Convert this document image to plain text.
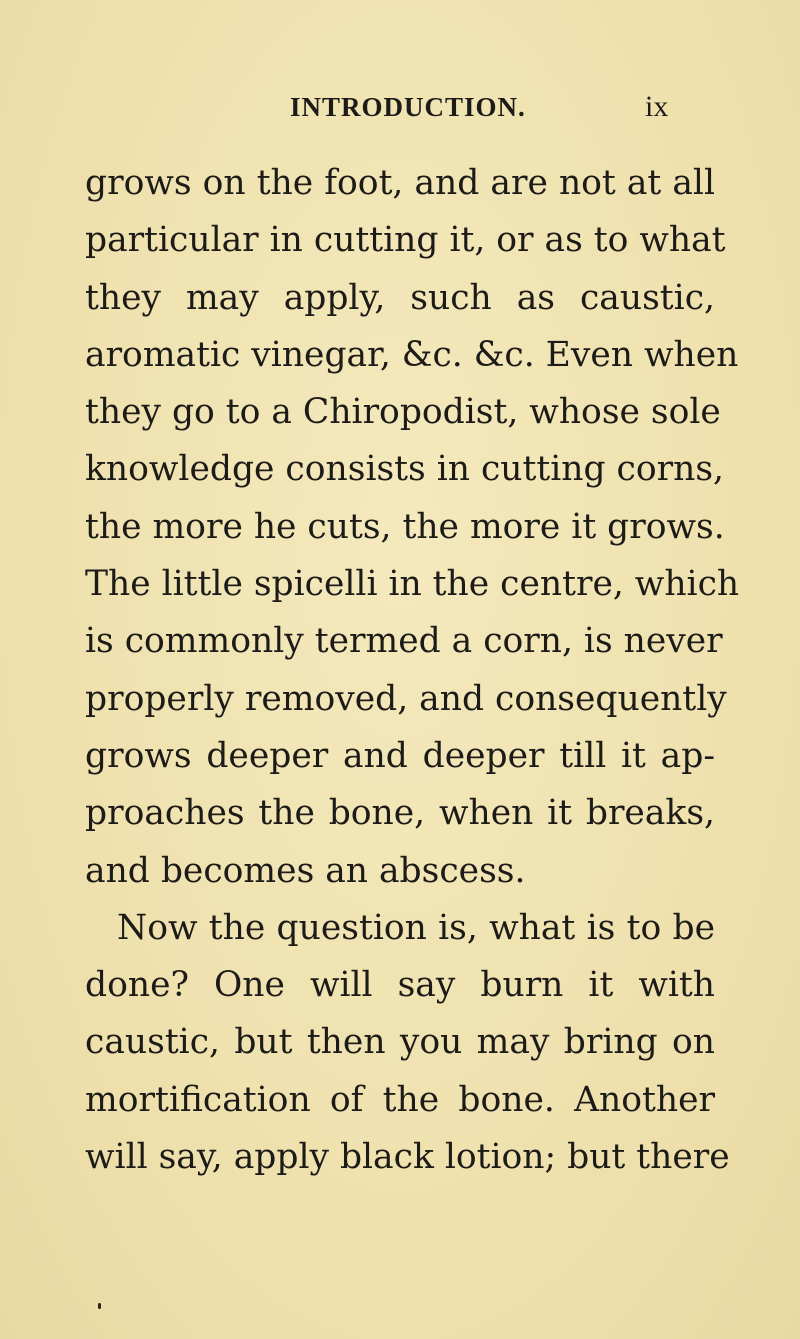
INTRODUCTION.	ix
grows on the foot, and are not at all
particular in cutting it, or as to what
they may apply, such as caustic,
aromatic vinegar, &c. &c. Even when
they go to a Chiropodist, whose sole
knowledge consists in cutting corns,
the more he cuts, the more it grows.
The little spicelli in the centre, which
is commonly termed a corn, is never
properly removed, and consequently
grows deeper and deeper till it ap-
proaches the bone, when it breaks,
and becomes an abscess.
Now the question is, what is to be
done? One will say burn it with
caustic, but then you may bring on
mortification of the bone. Another
will say, apply black lotion; but there
